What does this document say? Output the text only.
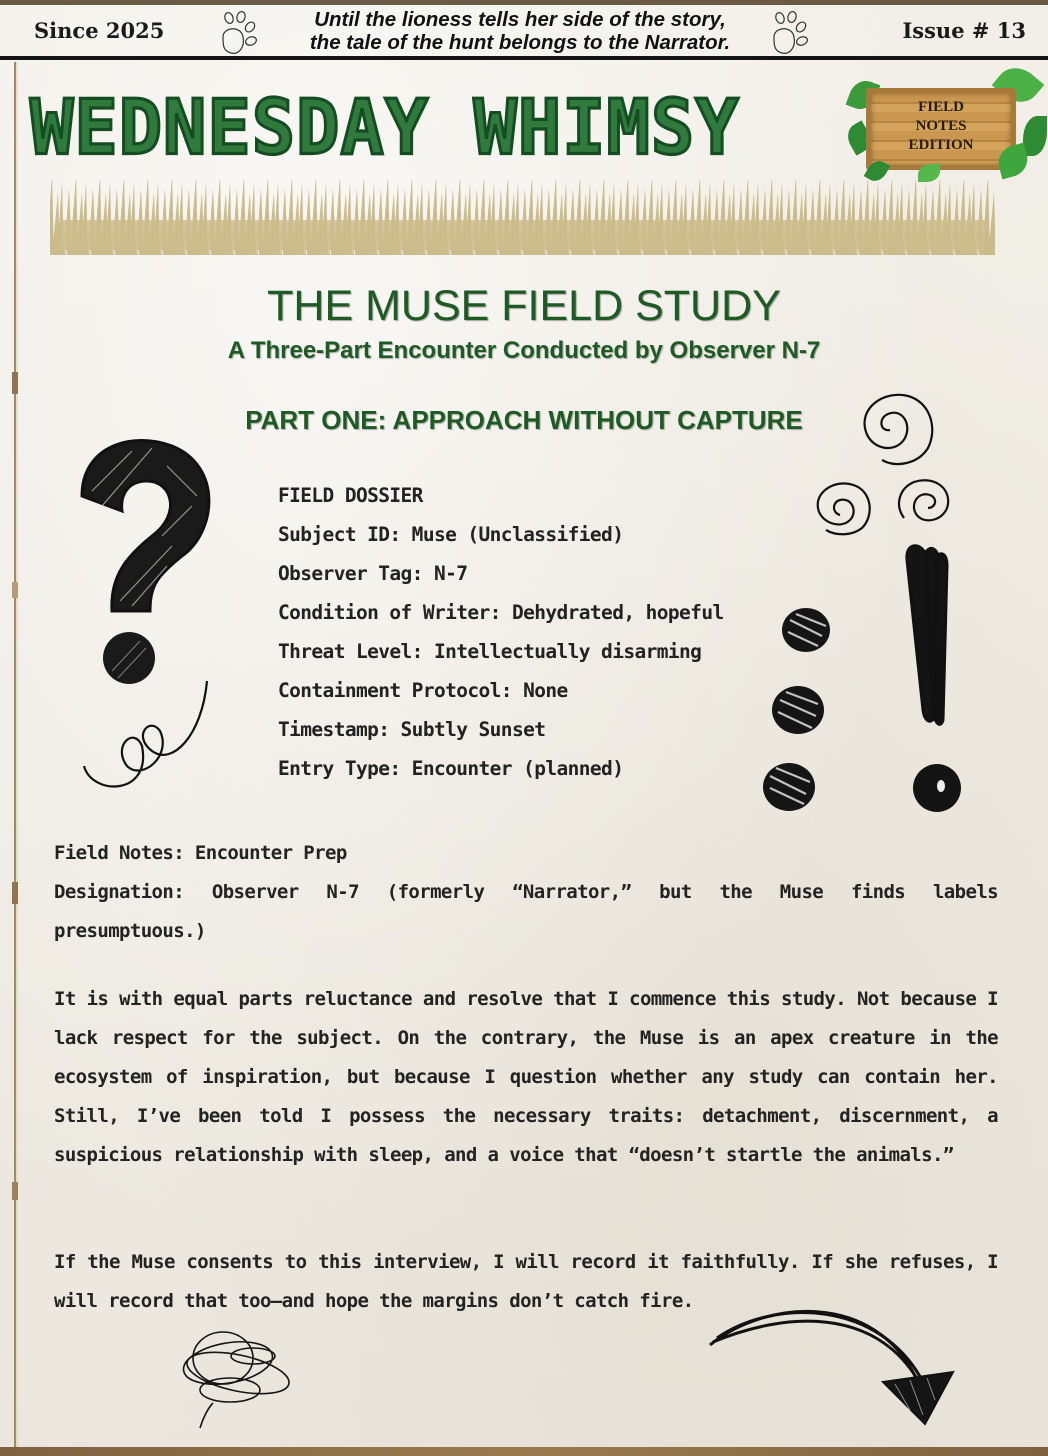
Since 2025	Until the lioness tells her side of the story,
the tale of the hunt belongs to the Narrator.	Issue # 13
WEDNESDAY WHIMSY	FIELD
NOTES
EDITION
THE MUSE FIELD STUDY
A Three-Part Encounter Conducted by Observer N-7
PART ONE: APPROACH WITHOUT CAPTURE
FIELD DOSSIER
Subject ID: Muse (Unclassified)
Observer Tag: N-7
Condition of Writer: Dehydrated, hopeful
Threat Level: Intellectually disarming
Containment Protocol: None
Timestamp: Subtly Sunset
Entry Type: Encounter (planned)
Field Notes: Encounter Prep
Designation: Observer N-7 (formerly “Narrator,” but the Muse finds labels presumptuous.)

It is with equal parts reluctance and resolve that I commence this study. Not because I lack respect for the subject. On the contrary, the Muse is an apex creature in the ecosystem of inspiration, but because I question whether any study can contain her. Still, I’ve been told I possess the necessary traits: detachment, discernment, a suspicious relationship with sleep, and a voice that “doesn’t startle the animals.”

If the Muse consents to this interview, I will record it faithfully. If she refuses, I will record that too—and hope the margins don’t catch fire.
